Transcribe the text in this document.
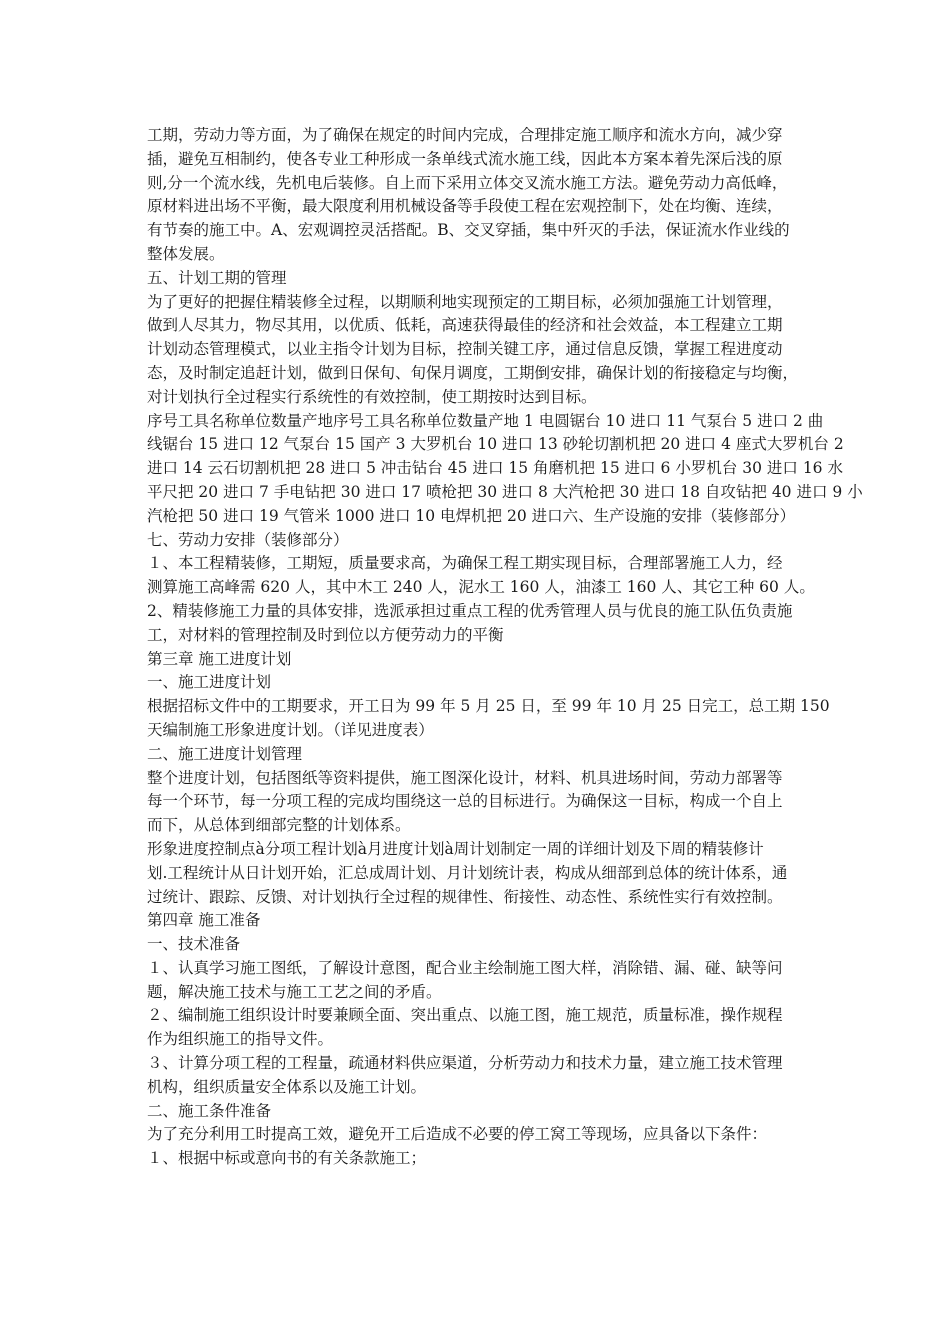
工期，劳动力等方面，为了确保在规定的时间内完成，合理排定施工顺序和流水方向，减少穿
插，避免互相制约，使各专业工种形成一条单线式流水施工线，因此本方案本着先深后浅的原
则,分一个流水线，先机电后装修。自上而下采用立体交叉流水施工方法。避免劳动力高低峰，
原材料进出场不平衡，最大限度利用机械设备等手段使工程在宏观控制下，处在均衡、连续，
有节奏的施工中。A、宏观调控灵活搭配。B、交叉穿插，集中歼灭的手法，保证流水作业线的
整体发展。
五、计划工期的管理
为了更好的把握住精装修全过程，以期顺利地实现预定的工期目标，必须加强施工计划管理，
做到人尽其力，物尽其用，以优质、低耗，高速获得最佳的经济和社会效益，本工程建立工期
计划动态管理模式，以业主指令计划为目标，控制关键工序，通过信息反馈，掌握工程进度动
态，及时制定追赶计划，做到日保旬、旬保月调度，工期倒安排，确保计划的衔接稳定与均衡，
对计划执行全过程实行系统性的有效控制，使工期按时达到目标。
序号工具名称单位数量产地序号工具名称单位数量产地 1 电圆锯台 10 进口 11 气泵台 5 进口 2 曲
线锯台 15 进口 12 气泵台 15 国产 3 大罗机台 10 进口 13 砂轮切割机把 20 进口 4 座式大罗机台 2
进口 14 云石切割机把 28 进口 5 冲击钻台 45 进口 15 角磨机把 15 进口 6 小罗机台 30 进口 16 水
平尺把 20 进口 7 手电钻把 30 进口 17 喷枪把 30 进口 8 大汽枪把 30 进口 18 自攻钻把 40 进口 9 小
汽枪把 50 进口 19 气管米 1000 进口 10 电焊机把 20 进口六、生产设施的安排（装修部分）
七、劳动力安排（装修部分）
１、本工程精装修，工期短，质量要求高，为确保工程工期实现目标，合理部署施工人力，经
测算施工高峰需 620 人，其中木工 240 人，泥水工 160 人，油漆工 160 人、其它工种 60 人。
2、精装修施工力量的具体安排，选派承担过重点工程的优秀管理人员与优良的施工队伍负责施
工，对材料的管理控制及时到位以方便劳动力的平衡
第三章 施工进度计划
一、施工进度计划
根据招标文件中的工期要求，开工日为 99 年 5 月 25 日，至 99 年 10 月 25 日完工，总工期 150
天编制施工形象进度计划。（详见进度表）
二、施工进度计划管理
整个进度计划，包括图纸等资料提供，施工图深化设计，材料、机具进场时间，劳动力部署等
每一个环节，每一分项工程的完成均围绕这一总的目标进行。为确保这一目标，构成一个自上
而下，从总体到细部完整的计划体系。
形象进度控制点à分项工程计划à月进度计划à周计划制定一周的详细计划及下周的精装修计
划.工程统计从日计划开始，汇总成周计划、月计划统计表，构成从细部到总体的统计体系，通
过统计、跟踪、反馈、对计划执行全过程的规律性、衔接性、动态性、系统性实行有效控制。
第四章 施工准备
一、技术准备
１、认真学习施工图纸，了解设计意图，配合业主绘制施工图大样，消除错、漏、碰、缺等问
题，解决施工技术与施工工艺之间的矛盾。
２、编制施工组织设计时要兼顾全面、突出重点、以施工图，施工规范，质量标准，操作规程
作为组织施工的指导文件。
３、计算分项工程的工程量，疏通材料供应渠道，分析劳动力和技术力量，建立施工技术管理
机构，组织质量安全体系以及施工计划。
二、施工条件准备
为了充分利用工时提高工效，避免开工后造成不必要的停工窝工等现场，应具备以下条件：
１、根据中标或意向书的有关条款施工；
